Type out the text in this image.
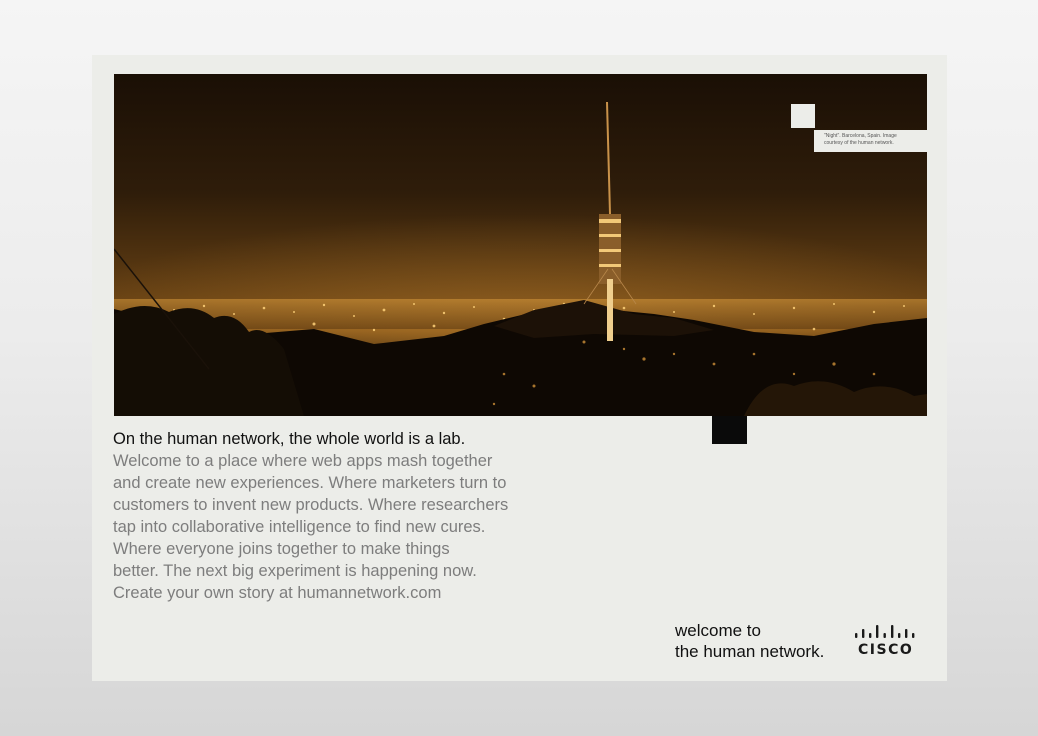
"Night". Barcelona, Spain. Image
courtesy of the human network.
On the human network, the whole world is a lab.
Welcome to a place where web apps mash together
and create new experiences. Where marketers turn to
customers to invent new products. Where researchers
tap into collaborative intelligence to find new cures.
Where everyone joins together to make things
better. The next big experiment is happening now.
Create your own story at humannetwork.com
welcome to
the human network. CISCO
